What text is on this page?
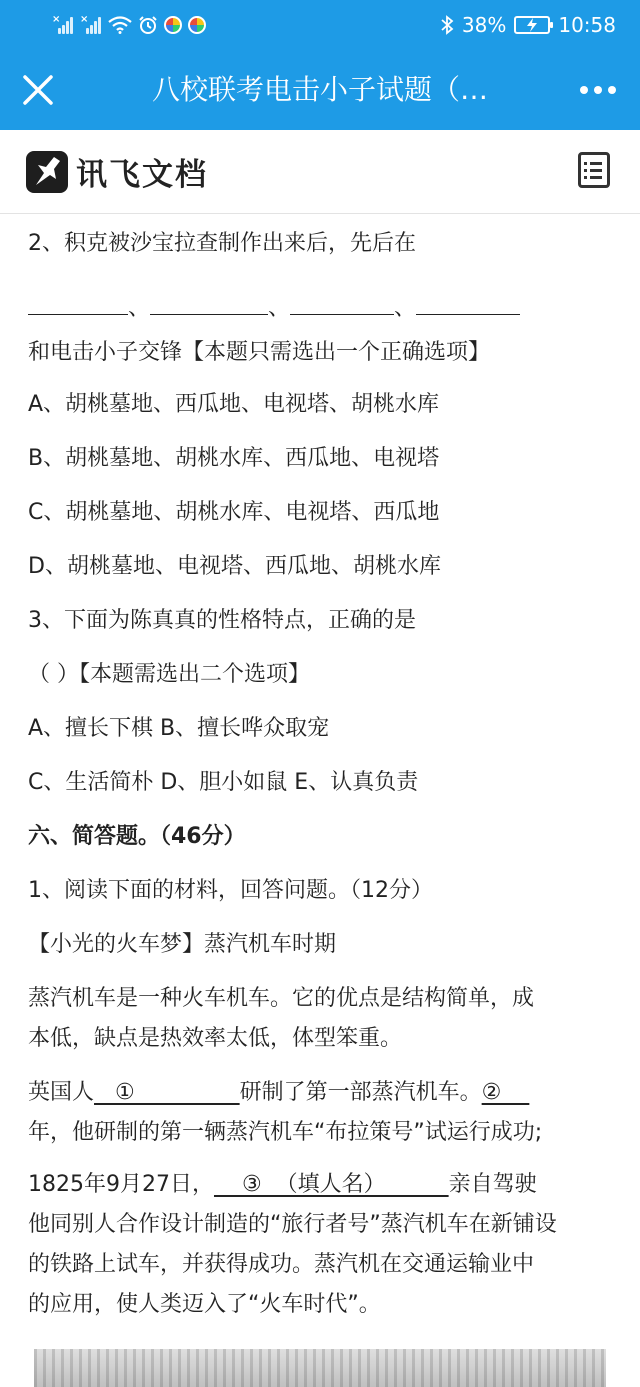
× ×	38%	10:58
八校联考电击小子试题（…
讯飞文档
2、积克被沙宝拉查制作出来后，先后在
、	、	、
和电击小子交锋【本题只需选出一个正确选项】
A、胡桃墓地、西瓜地、电视塔、胡桃水库
B、胡桃墓地、胡桃水库、西瓜地、电视塔
C、胡桃墓地、胡桃水库、电视塔、西瓜地
D、胡桃墓地、电视塔、西瓜地、胡桃水库
3、下面为陈真真的性格特点，正确的是
（ ）【本题需选出二个选项】
A、擅长下棋 B、擅长哗众取宠
C、生活简朴 D、胆小如鼠 E、认真负责
六、简答题。（46分）
1、阅读下面的材料，回答问题。（12分）
【小光的火车梦】蒸汽机车时期
蒸汽机车是一种火车机车。它的优点是结构简单，成
本低，缺点是热效率太低，体型笨重。
英国人   ①               研制了第一部蒸汽机车。②
年，他研制的第一辆蒸汽机车“布拉策号”试运行成功;
1825年9月27日，    ③  （填人名）         亲自驾驶
他同别人合作设计制造的“旅行者号”蒸汽机车在新铺设
的铁路上试车，并获得成功。蒸汽机在交通运输业中
的应用，使人类迈入了“火车时代”。
